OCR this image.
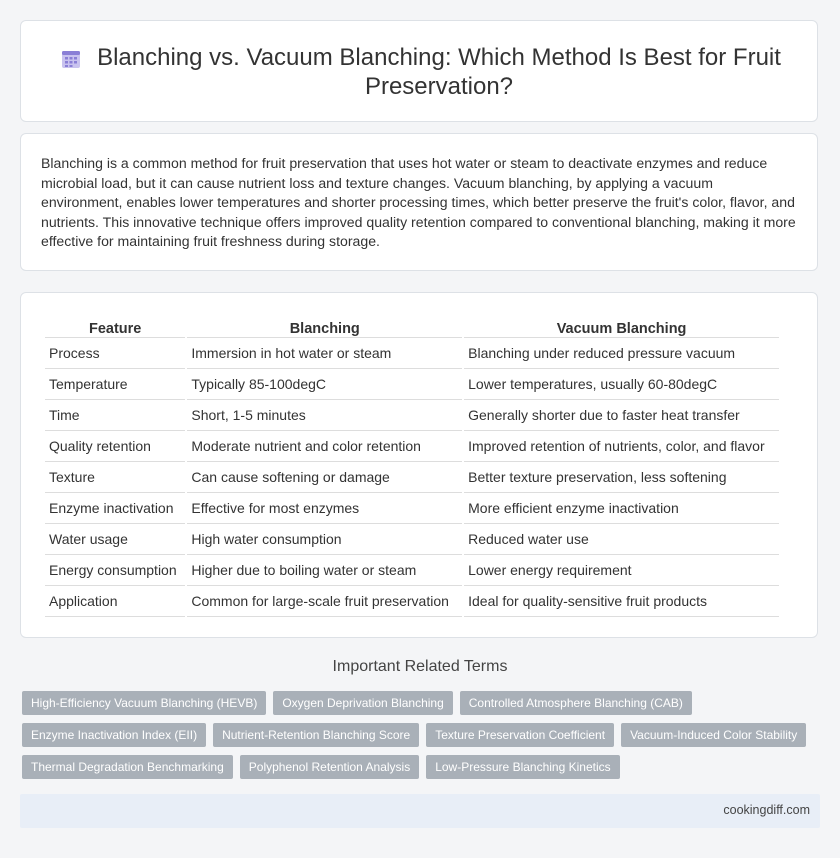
Blanching vs. Vacuum Blanching: Which Method Is Best for Fruit Preservation?

Blanching is a common method for fruit preservation that uses hot water or steam to deactivate enzymes and reduce microbial load, but it can cause nutrient loss and texture changes. Vacuum blanching, by applying a vacuum environment, enables lower temperatures and shorter processing times, which better preserve the fruit's color, flavor, and nutrients. This innovative technique offers improved quality retention compared to conventional blanching, making it more effective for maintaining fruit freshness during storage.

Feature	Blanching	Vacuum Blanching
Process	Immersion in hot water or steam	Blanching under reduced pressure vacuum
Temperature	Typically 85-100degC	Lower temperatures, usually 60-80degC
Time	Short, 1-5 minutes	Generally shorter due to faster heat transfer
Quality retention	Moderate nutrient and color retention	Improved retention of nutrients, color, and flavor
Texture	Can cause softening or damage	Better texture preservation, less softening
Enzyme inactivation	Effective for most enzymes	More efficient enzyme inactivation
Water usage	High water consumption	Reduced water use
Energy consumption	Higher due to boiling water or steam	Lower energy requirement
Application	Common for large-scale fruit preservation	Ideal for quality-sensitive fruit products
Important Related Terms
High-Efficiency Vacuum Blanching (HEVB)	Oxygen Deprivation Blanching	Controlled Atmosphere Blanching (CAB)
Enzyme Inactivation Index (EII)	Nutrient-Retention Blanching Score	Texture Preservation Coefficient	Vacuum-Induced Color Stability
Thermal Degradation Benchmarking	Polyphenol Retention Analysis	Low-Pressure Blanching Kinetics
cookingdiff.com
